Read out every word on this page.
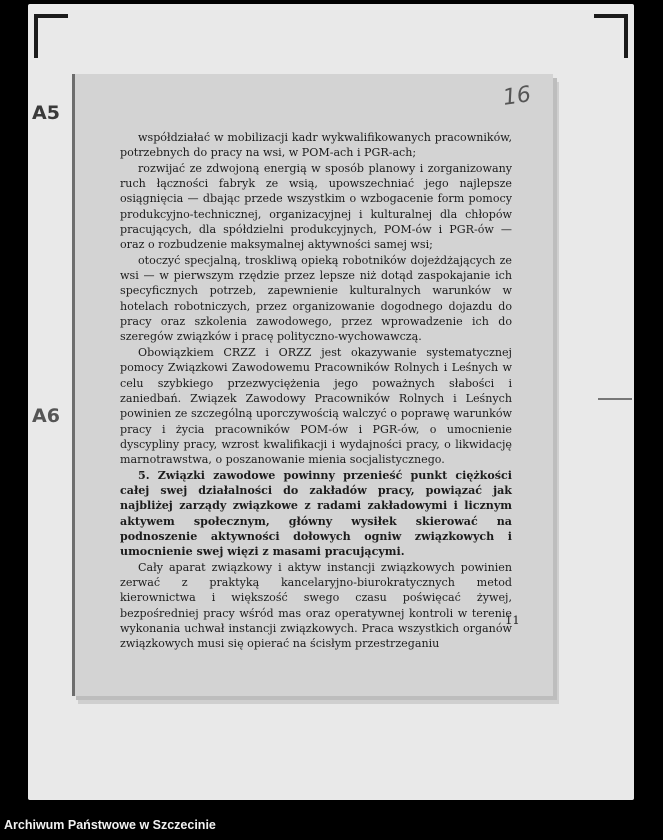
A5
A6
16

współdziałać w mobilizacji kadr wykwalifikowanych pracowników, potrzebnych do pracy na wsi, w POM-ach i PGR-ach;

rozwijać ze zdwojoną energią w sposób planowy i zorganizowany ruch łączności fabryk ze wsią, upowszechniać jego najlepsze osiągnięcia — dbając przede wszystkim o wzbogacenie form pomocy produkcyjno-technicznej, organizacyjnej i kulturalnej dla chłopów pracujących, dla spółdzielni produkcyjnych, POM-ów i PGR-ów — oraz o rozbudzenie maksymalnej aktywności samej wsi;

otoczyć specjalną, troskliwą opieką robotników dojeżdżających ze wsi — w pierwszym rzędzie przez lepsze niż dotąd zaspokajanie ich specyficznych potrzeb, zapewnienie kulturalnych warunków w hotelach robotniczych, przez organizowanie dogodnego dojazdu do pracy oraz szkolenia zawodowego, przez wprowadzenie ich do szeregów związków i pracę polityczno-wychowawczą.

Obowiązkiem CRZZ i ORZZ jest okazywanie systematycznej pomocy Związkowi Zawodowemu Pracowników Rolnych i Leśnych w celu szybkiego przezwyciężenia jego poważnych słabości i zaniedbań. Związek Zawodowy Pracowników Rolnych i Leśnych powinien ze szczególną uporczywością walczyć o poprawę warunków pracy i życia pracowników POM-ów i PGR-ów, o umocnienie dyscypliny pracy, wzrost kwalifikacji i wydajności pracy, o likwidację marnotrawstwa, o poszanowanie mienia socjalistycznego.

5. Związki zawodowe powinny przenieść punkt ciężkości całej swej działalności do zakładów pracy, powiązać jak najbliżej zarządy związkowe z radami zakładowymi i licznym aktywem społecznym, główny wysiłek skierować na podnoszenie aktywności dołowych ogniw związkowych i umocnienie swej więzi z masami pracującymi.

Cały aparat związkowy i aktyw instancji związkowych powinien zerwać z praktyką kancelaryjno-biurokratycznych metod kierownictwa i większość swego czasu poświęcać żywej, bezpośredniej pracy wśród mas oraz operatywnej kontroli w terenie wykonania uchwał instancji związkowych. Praca wszystkich organów związkowych musi się opierać na ścisłym przestrzeganiu

11
Archiwum Państwowe w Szczecinie
